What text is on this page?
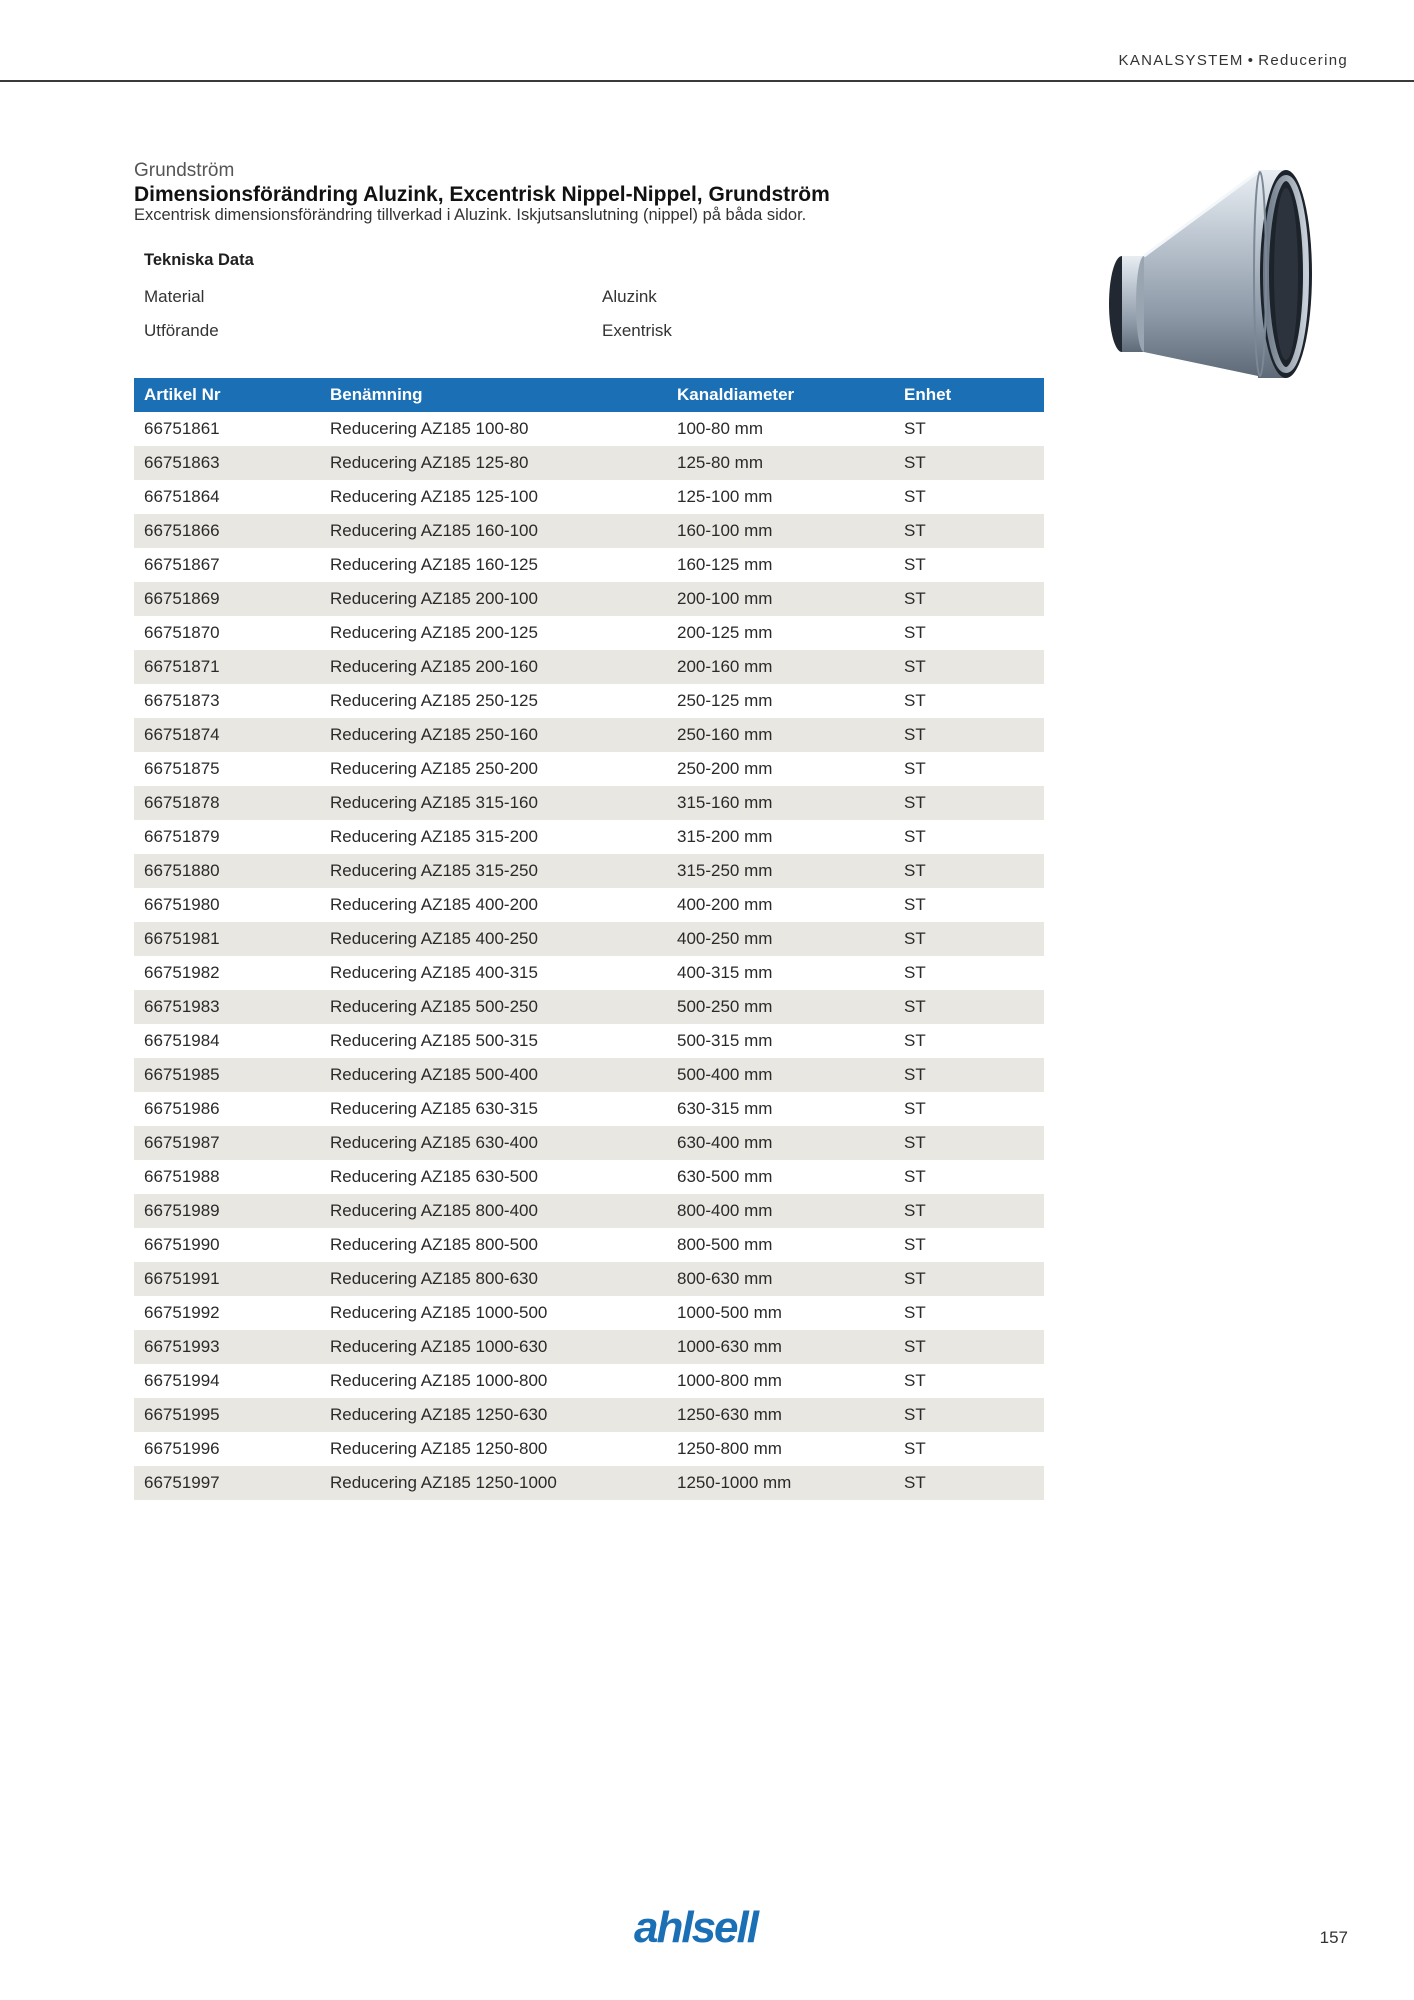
KANALSYSTEM • Reducering
Grundström
Dimensionsförändring Aluzink, Excentrisk Nippel-Nippel, Grundström
Excentrisk dimensionsförändring tillverkad i Aluzink. Iskjutsanslutning (nippel) på båda sidor.
Tekniska Data
Material	Aluzink
Utförande	Exentrisk
Artikel Nr	Benämning	Kanaldiameter	Enhet
66751861	Reducering AZ185 100-80	100-80 mm	ST
66751863	Reducering AZ185 125-80	125-80 mm	ST
66751864	Reducering AZ185 125-100	125-100 mm	ST
66751866	Reducering AZ185 160-100	160-100 mm	ST
66751867	Reducering AZ185 160-125	160-125 mm	ST
66751869	Reducering AZ185 200-100	200-100 mm	ST
66751870	Reducering AZ185 200-125	200-125 mm	ST
66751871	Reducering AZ185 200-160	200-160 mm	ST
66751873	Reducering AZ185 250-125	250-125 mm	ST
66751874	Reducering AZ185 250-160	250-160 mm	ST
66751875	Reducering AZ185 250-200	250-200 mm	ST
66751878	Reducering AZ185 315-160	315-160 mm	ST
66751879	Reducering AZ185 315-200	315-200 mm	ST
66751880	Reducering AZ185 315-250	315-250 mm	ST
66751980	Reducering AZ185 400-200	400-200 mm	ST
66751981	Reducering AZ185 400-250	400-250 mm	ST
66751982	Reducering AZ185 400-315	400-315 mm	ST
66751983	Reducering AZ185 500-250	500-250 mm	ST
66751984	Reducering AZ185 500-315	500-315 mm	ST
66751985	Reducering AZ185 500-400	500-400 mm	ST
66751986	Reducering AZ185 630-315	630-315 mm	ST
66751987	Reducering AZ185 630-400	630-400 mm	ST
66751988	Reducering AZ185 630-500	630-500 mm	ST
66751989	Reducering AZ185 800-400	800-400 mm	ST
66751990	Reducering AZ185 800-500	800-500 mm	ST
66751991	Reducering AZ185 800-630	800-630 mm	ST
66751992	Reducering AZ185 1000-500	1000-500 mm	ST
66751993	Reducering AZ185 1000-630	1000-630 mm	ST
66751994	Reducering AZ185 1000-800	1000-800 mm	ST
66751995	Reducering AZ185 1250-630	1250-630 mm	ST
66751996	Reducering AZ185 1250-800	1250-800 mm	ST
66751997	Reducering AZ185 1250-1000	1250-1000 mm	ST
ahlsell	157
